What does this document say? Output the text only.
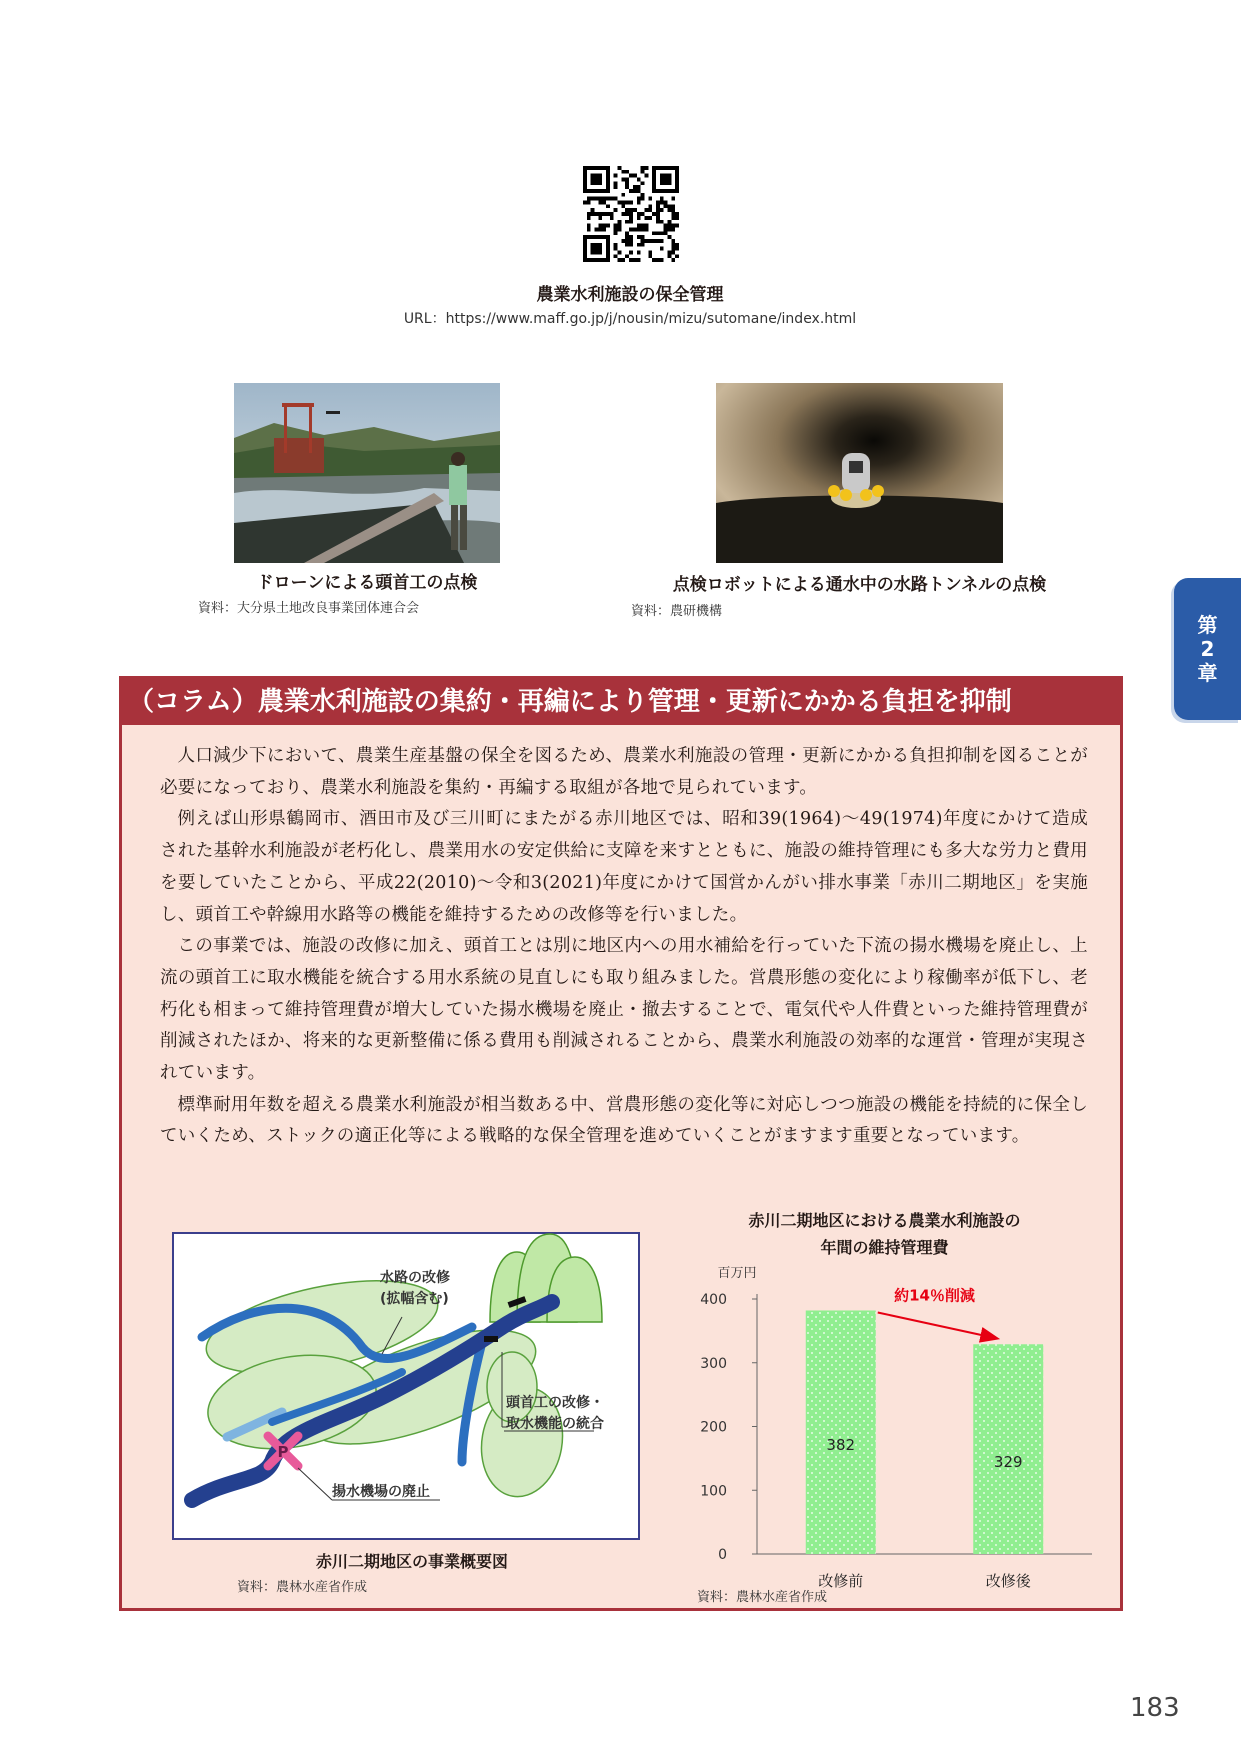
農業水利施設の保全管理
URL：https://www.maff.go.jp/j/nousin/mizu/sutomane/index.html
ドローンによる頭首工の点検
資料：大分県土地改良事業団体連合会
点検ロボットによる通水中の水路トンネルの点検
資料：農研機構
第
2
章
（コラム）農業水利施設の集約・再編により管理・更新にかかる負担を抑制

人口減少下において、農業生産基盤の保全を図るため、農業水利施設の管理・更新にかかる負担抑制を図ることが必要になっており、農業水利施設を集約・再編する取組が各地で見られています。

例えば山形県鶴岡市、酒田市及び三川町にまたがる赤川地区では、昭和39(1964)〜49(1974)年度にかけて造成された基幹水利施設が老朽化し、農業用水の安定供給に支障を来すとともに、施設の維持管理にも多大な労力と費用を要していたことから、平成22(2010)〜令和3(2021)年度にかけて国営かんがい排水事業「赤川二期地区」を実施し、頭首工や幹線用水路等の機能を維持するための改修等を行いました。

この事業では、施設の改修に加え、頭首工とは別に地区内への用水補給を行っていた下流の揚水機場を廃止し、上流の頭首工に取水機能を統合する用水系統の見直しにも取り組みました。営農形態の変化により稼働率が低下し、老朽化も相まって維持管理費が増大していた揚水機場を廃止・撤去することで、電気代や人件費といった維持管理費が削減されたほか、将来的な更新整備に係る費用も削減されることから、農業水利施設の効率的な運営・管理が実現されています。

標準耐用年数を超える農業水利施設が相当数ある中、営農形態の変化等に対応しつつ施設の機能を持続的に保全していくため、ストックの適正化等による戦略的な保全管理を進めていくことがますます重要となっています。

P
水路の改修
(拡幅含む)
頭首工の改修・
取水機能の統合
揚水機場の廃止
赤川二期地区の事業概要図
資料：農林水産省作成
赤川二期地区における農業水利施設の
年間の維持管理費
百万円
0
100
200
300
400
382
改修前
329
改修後
約14％削減
資料：農林水産省作成
183
